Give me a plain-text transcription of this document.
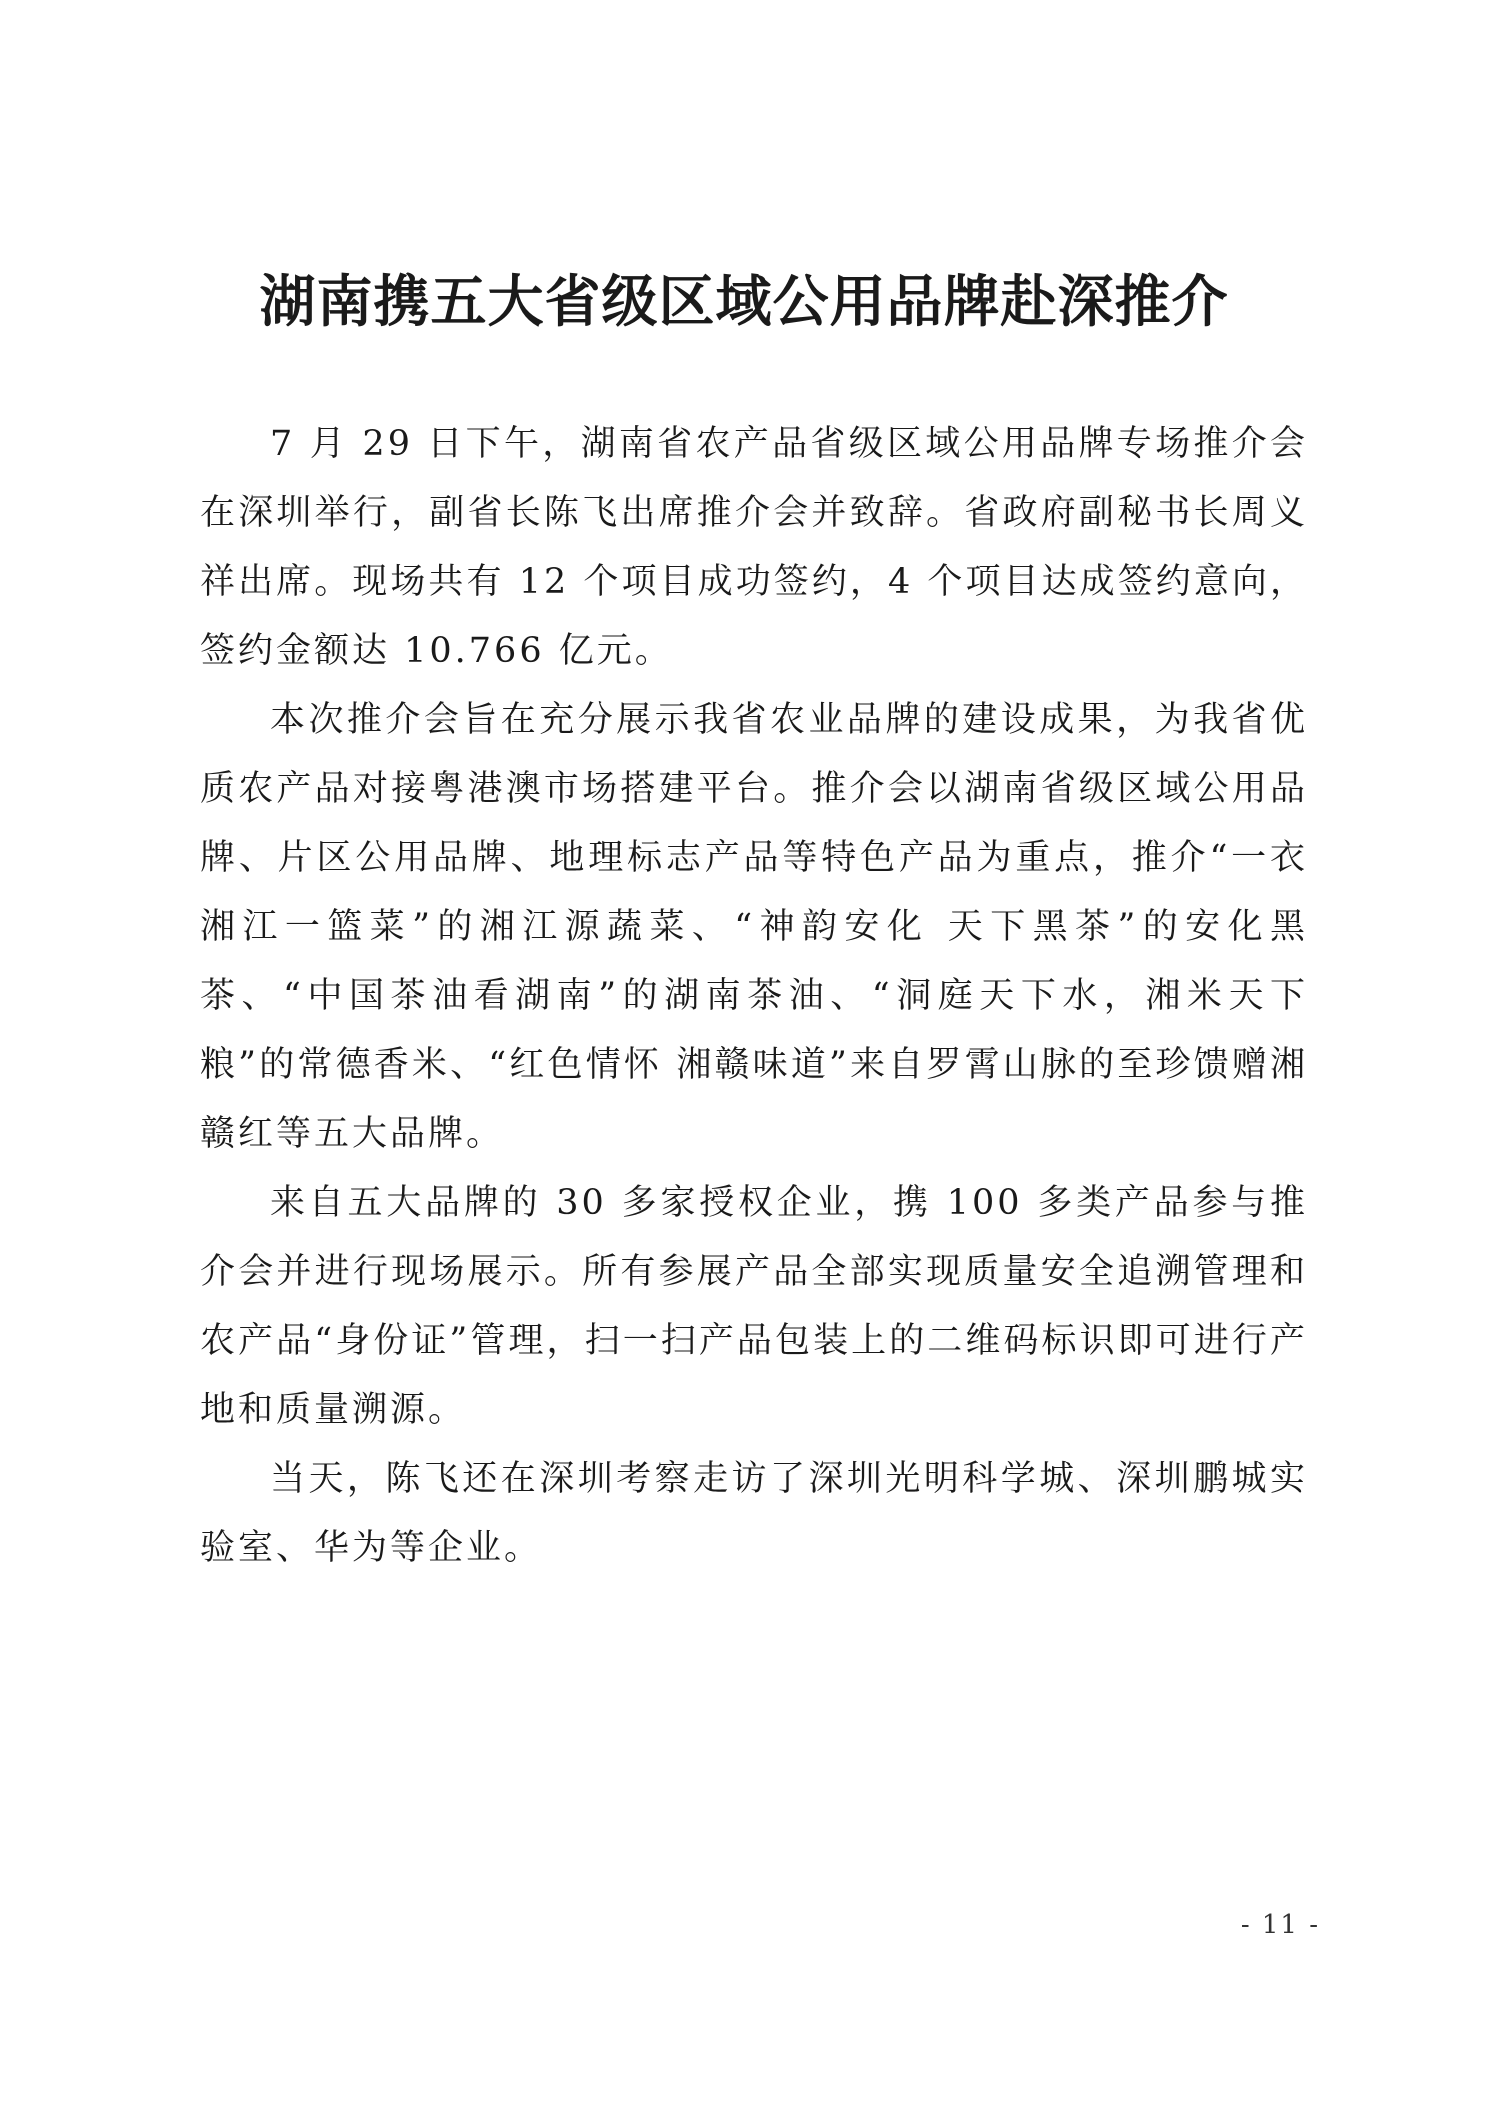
湖南携五大省级区域公用品牌赴深推介

7 月 29 日下午，湖南省农产品省级区域公用品牌专场推介会在深圳举行，副省长陈飞出席推介会并致辞。省政府副秘书长周义祥出席。现场共有 12 个项目成功签约，4 个项目达成签约意向，签约金额达 10.766 亿元。

本次推介会旨在充分展示我省农业品牌的建设成果，为我省优质农产品对接粤港澳市场搭建平台。推介会以湖南省级区域公用品牌、片区公用品牌、地理标志产品等特色产品为重点，推介“一衣湘江一篮菜”的湘江源蔬菜、“神韵安化 天下黑茶”的安化黑茶、“中国茶油看湖南”的湖南茶油、“洞庭天下水，湘米天下粮”的常德香米、“红色情怀 湘赣味道”来自罗霄山脉的至珍馈赠湘赣红等五大品牌。

来自五大品牌的 30 多家授权企业，携 100 多类产品参与推介会并进行现场展示。所有参展产品全部实现质量安全追溯管理和农产品“身份证”管理，扫一扫产品包装上的二维码标识即可进行产地和质量溯源。

当天，陈飞还在深圳考察走访了深圳光明科学城、深圳鹏城实验室、华为等企业。

- 11 -
